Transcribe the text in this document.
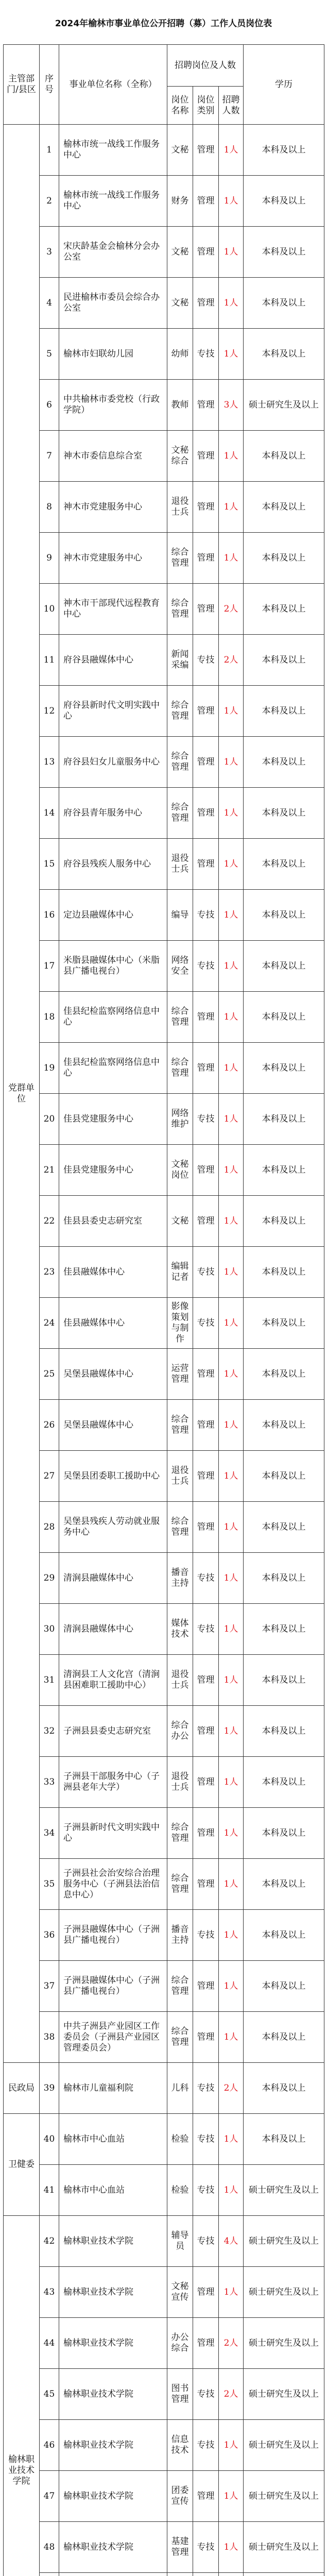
2024年榆林市事业单位公开招聘（募）工作人员岗位表
主管部门/县区	序号	事业单位名称（全称）	招聘岗位及人数			学历
			岗位名称	岗位类别	招聘人数	
党群单位	1	榆林市统一战线工作服务中心	文秘	管理	1人	本科及以上
	2	榆林市统一战线工作服务中心	财务	管理	1人	本科及以上
	3	宋庆龄基金会榆林分会办公室	文秘	管理	1人	本科及以上
	4	民进榆林市委员会综合办公室	文秘	管理	1人	本科及以上
	5	榆林市妇联幼儿园	幼师	专技	1人	本科及以上
	6	中共榆林市委党校（行政学院）	教师	管理	3人	硕士研究生及以上
	7	神木市委信息综合室	文秘综合	管理	1人	本科及以上
	8	神木市党建服务中心	退役士兵	管理	1人	本科及以上
	9	神木市党建服务中心	综合管理	管理	1人	本科及以上
	10	神木市干部现代远程教育中心	综合管理	管理	2人	本科及以上
	11	府谷县融媒体中心	新闻采编	专技	2人	本科及以上
	12	府谷县新时代文明实践中心	综合管理	管理	1人	本科及以上
	13	府谷县妇女儿童服务中心	综合管理	管理	1人	本科及以上
	14	府谷县青年服务中心	综合管理	管理	1人	本科及以上
	15	府谷县残疾人服务中心	退役士兵	管理	1人	本科及以上
	16	定边县融媒体中心	编导	专技	1人	本科及以上
	17	米脂县融媒体中心（米脂县广播电视台）	网络安全	专技	1人	本科及以上
	18	佳县纪检监察网络信息中心	综合管理	管理	1人	本科及以上
	19	佳县纪检监察网络信息中心	综合管理	管理	1人	本科及以上
	20	佳县党建服务中心	网络维护	专技	1人	本科及以上
	21	佳县党建服务中心	文秘岗位	管理	1人	本科及以上
	22	佳县县委史志研究室	文秘	管理	1人	本科及以上
	23	佳县融媒体中心	编辑记者	专技	1人	本科及以上
	24	佳县融媒体中心	影像策划与制作	专技	1人	本科及以上
	25	吴堡县融媒体中心	运营管理	管理	1人	本科及以上
	26	吴堡县融媒体中心	综合管理	管理	1人	本科及以上
	27	吴堡县团委职工援助中心	退役士兵	管理	1人	本科及以上
	28	吴堡县残疾人劳动就业服务中心	综合管理	管理	1人	本科及以上
	29	清涧县融媒体中心	播音主持	专技	1人	本科及以上
	30	清涧县融媒体中心	媒体技术	专技	1人	本科及以上
	31	清涧县工人文化宫（清涧县困难职工援助中心）	退役士兵	管理	1人	本科及以上
	32	子洲县县委史志研究室	综合办公	管理	1人	本科及以上
	33	子洲县干部服务中心（子洲县老年大学）	退役士兵	管理	1人	本科及以上
	34	子洲县新时代文明实践中心	综合管理	管理	1人	本科及以上
	35	子洲县社会治安综合治理服务中心（子洲县法治信息中心）	综合管理	管理	1人	本科及以上
	36	子洲县融媒体中心（子洲县广播电视台）	播音主持	专技	1人	本科及以上
	37	子洲县融媒体中心（子洲县广播电视台）	综合管理	管理	1人	本科及以上
	38	中共子洲县产业园区工作委员会（子洲县产业园区管理委员会）	综合管理	管理	1人	本科及以上
民政局	39	榆林市儿童福利院	儿科	专技	2人	本科及以上
卫健委	40	榆林市中心血站	检验	专技	1人	本科及以上
	41	榆林市中心血站	检验	专技	1人	硕士研究生及以上
榆林职业技术学院	42	榆林职业技术学院	辅导员	专技	4人	硕士研究生及以上
	43	榆林职业技术学院	文秘宣传	管理	1人	硕士研究生及以上
	44	榆林职业技术学院	办公综合	管理	2人	硕士研究生及以上
	45	榆林职业技术学院	图书管理	专技	2人	硕士研究生及以上
	46	榆林职业技术学院	信息技术	专技	1人	硕士研究生及以上
	47	榆林职业技术学院	团委宣传	管理	1人	硕士研究生及以上
	48	榆林职业技术学院	基建管理	专技	1人	硕士研究生及以上
